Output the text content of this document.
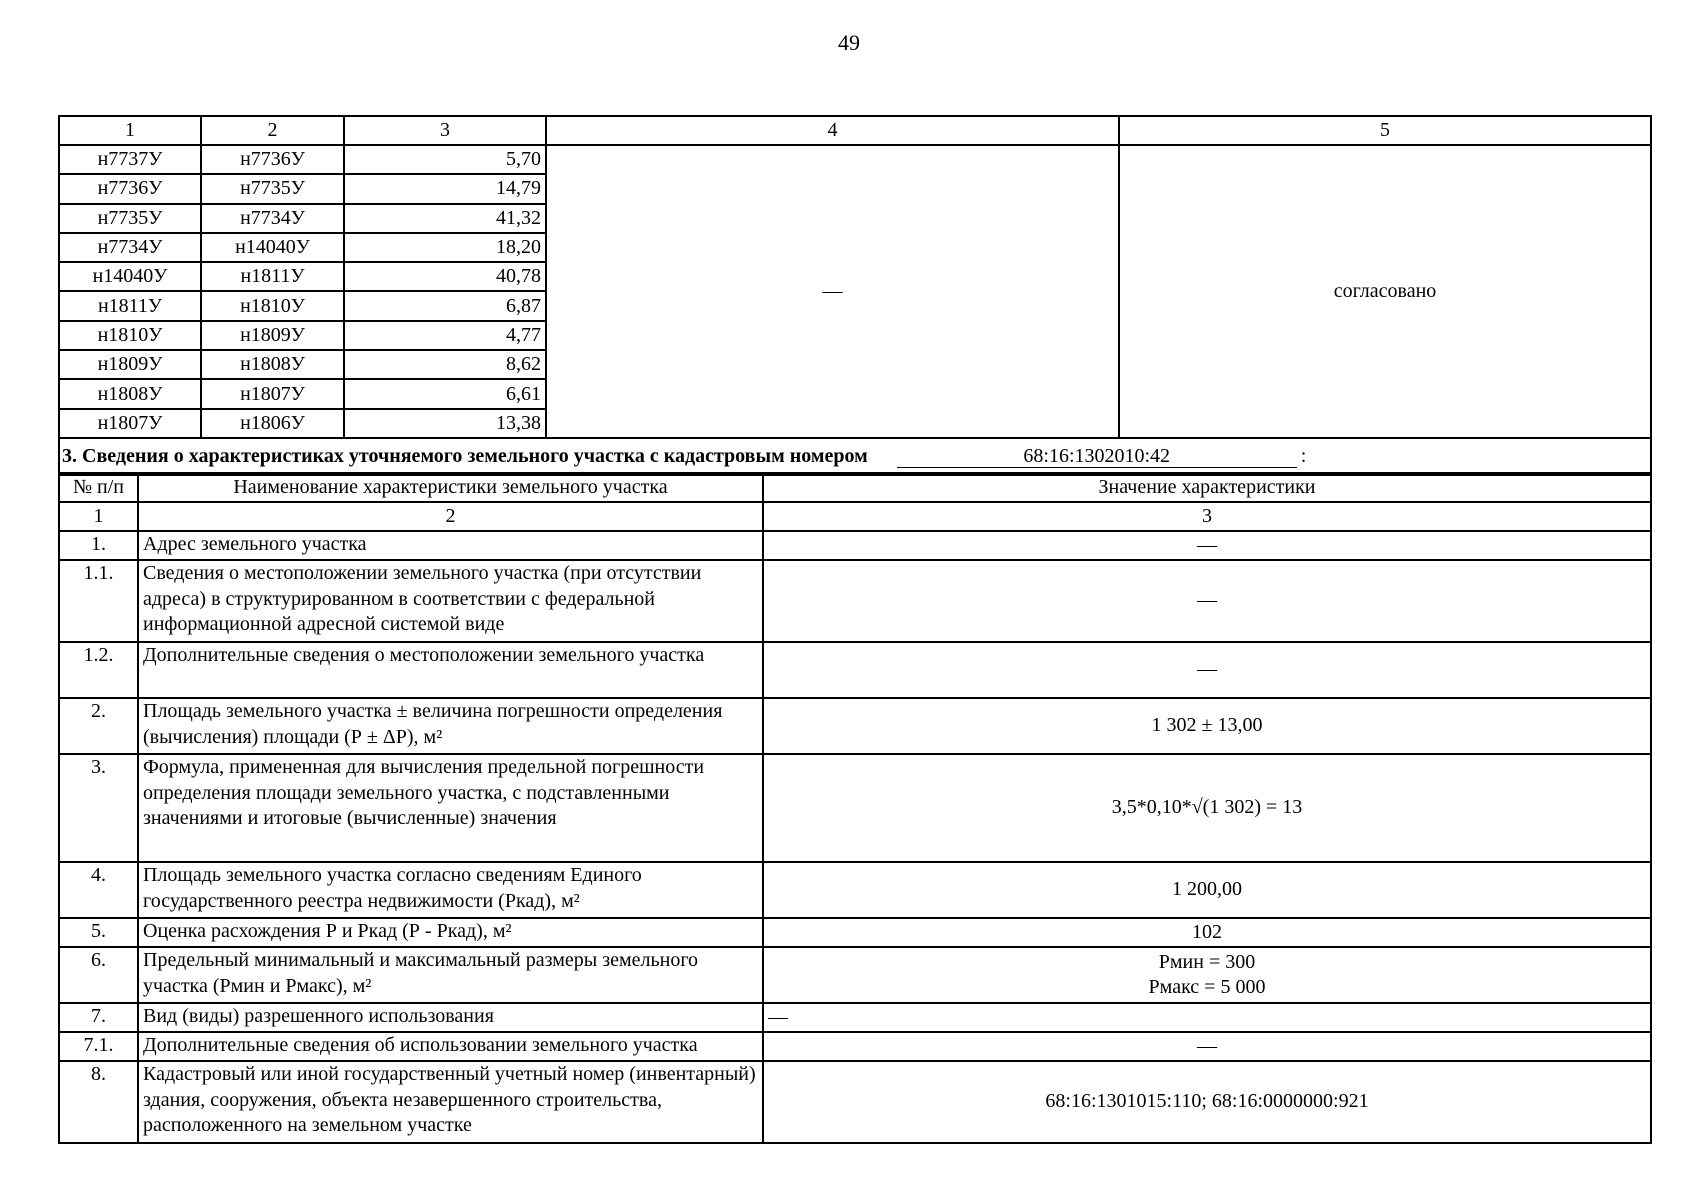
49
1	2	3	4	5
н7737У	н7736У	5,70	—	согласовано
н7736У	н7735У	14,79		
н7735У	н7734У	41,32		
н7734У	н14040У	18,20		
н14040У	н1811У	40,78		
н1811У	н1810У	6,87		
н1810У	н1809У	4,77		
н1809У	н1808У	8,62		
н1808У	н1807У	6,61		
н1807У	н1806У	13,38		
3. Сведения о характеристиках уточняемого земельного участка с кадастровым номером 68:16:1302010:42 :				
№ п/п	Наименование характеристики земельного участка	Значение характеристики
1	2	3
1.	Адрес земельного участка	—
1.1.	Сведения о местоположении земельного участка (при отсутствии адреса) в структурированном в соответствии с федеральной информационной адресной системой виде	—
1.2.	Дополнительные сведения о местоположении земельного участка	—
2.	Площадь земельного участка ± величина погрешности определения (вычисления) площади (Р ± ΔР), м²	1 302 ± 13,00
3.	Формула, примененная для вычисления предельной погрешности определения площади земельного участка, с подставленными значениями и итоговые (вычисленные) значения	3,5*0,10*√(1 302) = 13
4.	Площадь земельного участка согласно сведениям Единого государственного реестра недвижимости (Ркад), м²	1 200,00
5.	Оценка расхождения Р и Ркад (Р - Ркад), м²	102
6.	Предельный минимальный и максимальный размеры земельного участка (Рмин и Рмакс), м²	Рмин = 300
Рмакс = 5 000

7.	Вид (виды) разрешенного использования	—
7.1.	Дополнительные сведения об использовании земельного участка	—
8.	Кадастровый или иной государственный учетный номер (инвентарный) здания, сооружения, объекта незавершенного строительства, расположенного на земельном участке	68:16:1301015:110; 68:16:0000000:921
